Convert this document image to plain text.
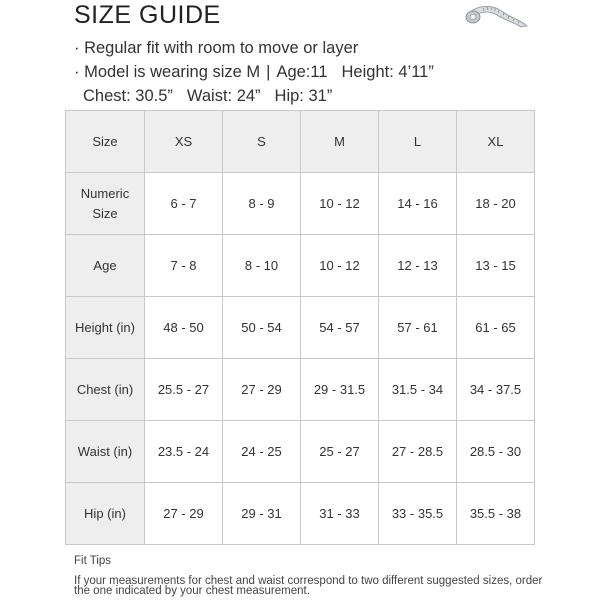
SIZE GUIDE
· Regular fit with room to move or layer
· Model is wearing size M | Age:11 Height: 4’11”
Chest: 30.5” Waist: 24” Hip: 31”
Size	XS	S	M	L	XL
Numeric Size	6 - 7	8 - 9	10 - 12	14 - 16	18 - 20
Age	7 - 8	8 - 10	10 - 12	12 - 13	13 - 15
Height (in)	48 - 50	50 - 54	54 - 57	57 - 61	61 - 65
Chest (in)	25.5 - 27	27 - 29	29 - 31.5	31.5 - 34	34 - 37.5
Waist (in)	23.5 - 24	24 - 25	25 - 27	27 - 28.5	28.5 - 30
Hip (in)	27 - 29	29 - 31	31 - 33	33 - 35.5	35.5 - 38
Fit Tips
If your measurements for chest and waist correspond to two different suggested sizes, order the one indicated by your chest measurement.
